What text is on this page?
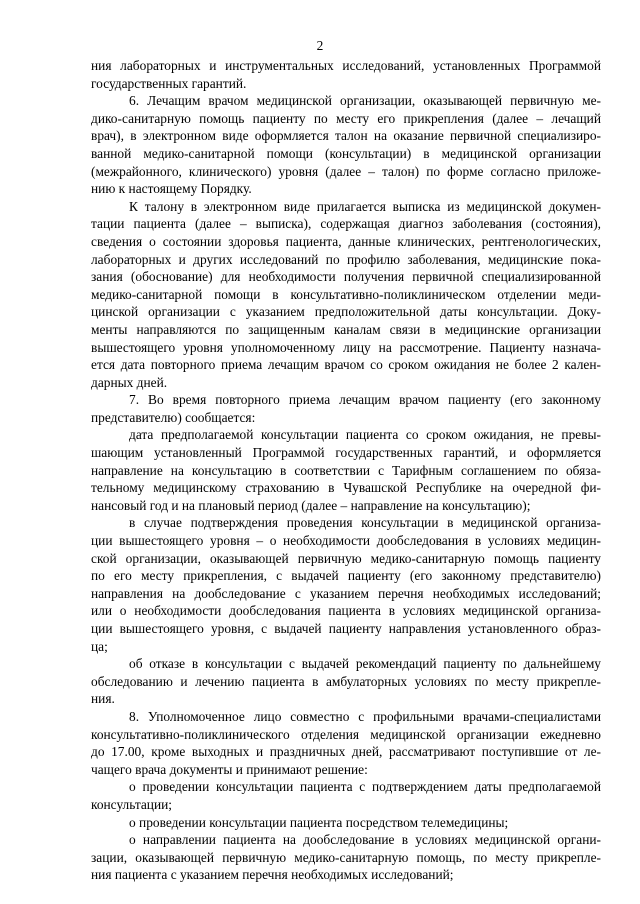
2
ния лабораторных и инструментальных исследований, установленных Программой
государственных гарантий.
6. Лечащим врачом медицинской организации, оказывающей первичную ме-
дико-санитарную помощь пациенту по месту его прикрепления (далее – лечащий
врач), в электронном виде оформляется талон на оказание первичной специализиро-
ванной медико-санитарной помощи (консультации) в медицинской организации
(межрайонного, клинического) уровня (далее – талон) по форме согласно приложе-
нию к настоящему Порядку.
К талону в электронном виде прилагается выписка из медицинской докумен-
тации пациента (далее – выписка), содержащая диагноз заболевания (состояния),
сведения о состоянии здоровья пациента, данные клинических, рентгенологических,
лабораторных и других исследований по профилю заболевания, медицинские пока-
зания (обоснование) для необходимости получения первичной специализированной
медико-санитарной помощи в консультативно-поликлиническом отделении меди-
цинской организации с указанием предположительной даты консультации. Доку-
менты направляются по защищенным каналам связи в медицинские организации
вышестоящего уровня уполномоченному лицу на рассмотрение. Пациенту назнача-
ется дата повторного приема лечащим врачом со сроком ожидания не более 2 кален-
дарных дней.
7. Во время повторного приема лечащим врачом пациенту (его законному
представителю) сообщается:
дата предполагаемой консультации пациента со сроком ожидания, не превы-
шающим установленный Программой государственных гарантий, и оформляется
направление на консультацию в соответствии с Тарифным соглашением по обяза-
тельному медицинскому страхованию в Чувашской Республике на очередной фи-
нансовый год и на плановый период (далее – направление на консультацию);
в случае подтверждения проведения консультации в медицинской организа-
ции вышестоящего уровня – о необходимости дообследования в условиях медицин-
ской организации, оказывающей первичную медико-санитарную помощь пациенту
по его месту прикрепления, с выдачей пациенту (его законному представителю)
направления на дообследование с указанием перечня необходимых исследований;
или о необходимости дообследования пациента в условиях медицинской организа-
ции вышестоящего уровня, с выдачей пациенту направления установленного образ-
ца;
об отказе в консультации с выдачей рекомендаций пациенту по дальнейшему
обследованию и лечению пациента в амбулаторных условиях по месту прикрепле-
ния.
8. Уполномоченное лицо совместно с профильными врачами-специалистами
консультативно-поликлинического отделения медицинской организации ежедневно
до 17.00, кроме выходных и праздничных дней, рассматривают поступившие от ле-
чащего врача документы и принимают решение:
о проведении консультации пациента с подтверждением даты предполагаемой
консультации;
о проведении консультации пациента посредством телемедицины;
о направлении пациента на дообследование в условиях медицинской органи-
зации, оказывающей первичную медико-санитарную помощь, по месту прикрепле-
ния пациента с указанием перечня необходимых исследований;
